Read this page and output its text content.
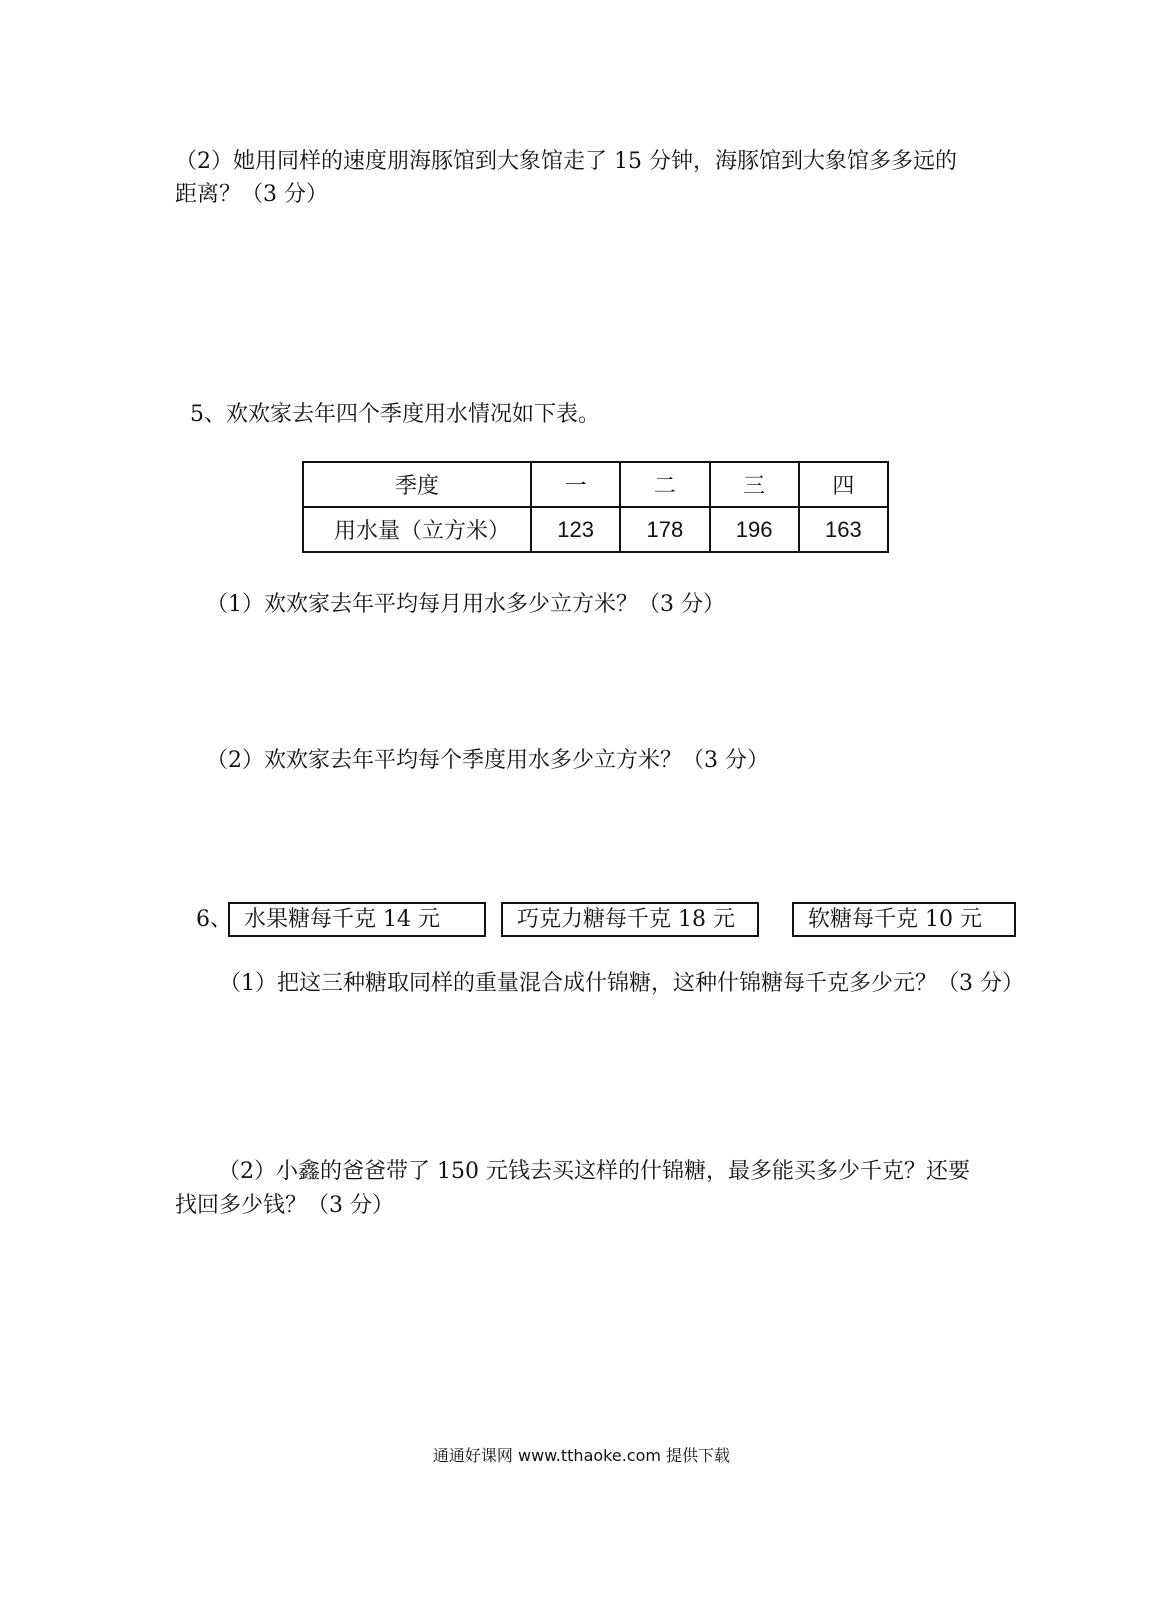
（2）她用同样的速度朋海豚馆到大象馆走了 15 分钟，海豚馆到大象馆多多远的
距离？（3 分）
5、欢欢家去年四个季度用水情况如下表。
季度	一	二	三	四
用水量（立方米）	123	178	196	163
（1）欢欢家去年平均每月用水多少立方米？（3 分）
（2）欢欢家去年平均每个季度用水多少立方米？（3 分）
6、 水果糖每千克 14 元	巧克力糖每千克 18 元	软糖每千克 10 元
（1）把这三种糖取同样的重量混合成什锦糖，这种什锦糖每千克多少元？（3 分）
（2）小鑫的爸爸带了 150 元钱去买这样的什锦糖，最多能买多少千克？还要
找回多少钱？（3 分）
通通好课网 www.tthaoke.com 提供下载
